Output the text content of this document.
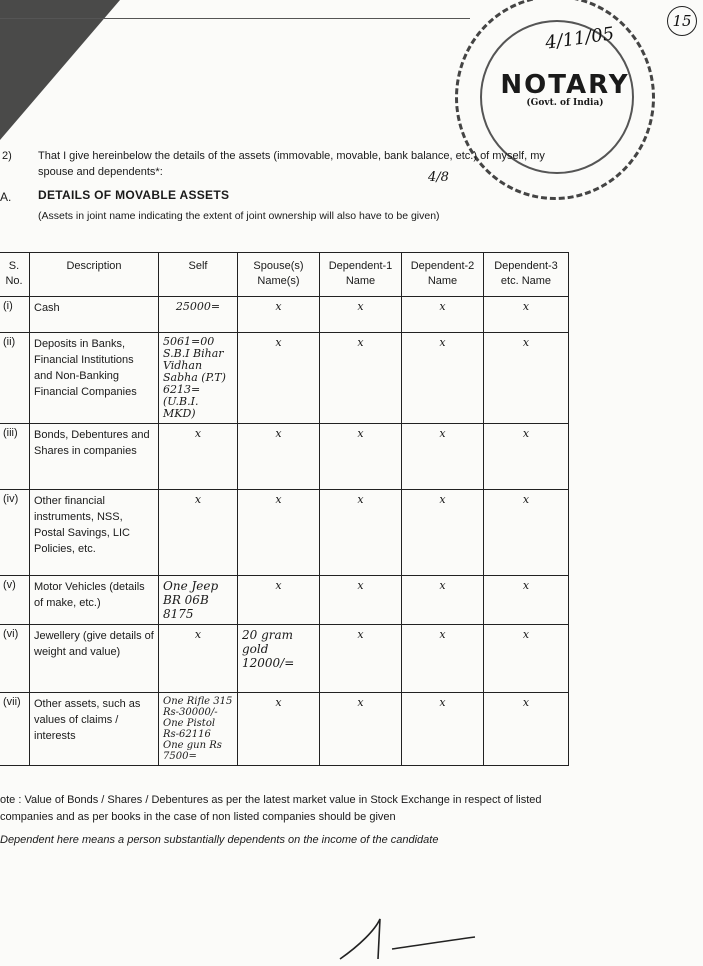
4/11/05
NOTARY
(Govt. of India)
15
2) That I give hereinbelow the details of the assets (immovable, movable, bank balance, etc.) of myself, my spouse and dependents*:	4/8
A. DETAILS OF MOVABLE ASSETS
(Assets in joint name indicating the extent of joint ownership will also have to be given)
S. No.	Description	Self	Spouse(s) Name(s)	Dependent-1 Name	Dependent-2 Name	Dependent-3 etc. Name
(i)	Cash	25000=	x	x	x	x
(ii)	Deposits in Banks, Financial Institutions and Non-Banking Financial Companies	5061=00 S.B.I Bihar Vidhan Sabha (P.T) 6213= (U.B.I. MKD)	x	x	x	x
(iii)	Bonds, Debentures and Shares in companies	x	x	x	x	x
(iv)	Other financial instruments, NSS, Postal Savings, LIC Policies, etc.	x	x	x	x	x
(v)	Motor Vehicles (details of make, etc.)	One Jeep BR 06B 8175	x	x	x	x
(vi)	Jewellery (give details of weight and value)	x	20 gram gold 12000/=	x	x	x
(vii)	Other assets, such as values of claims / interests	One Rifle 315 Rs-30000/- One Pistol Rs-62116 One gun Rs 7500=	x	x	x	x
ote : Value of Bonds / Shares / Debentures as per the latest market value in Stock Exchange in respect of listed companies and as per books in the case of non listed companies should be given
Dependent here means a person substantially dependents on the income of the candidate
